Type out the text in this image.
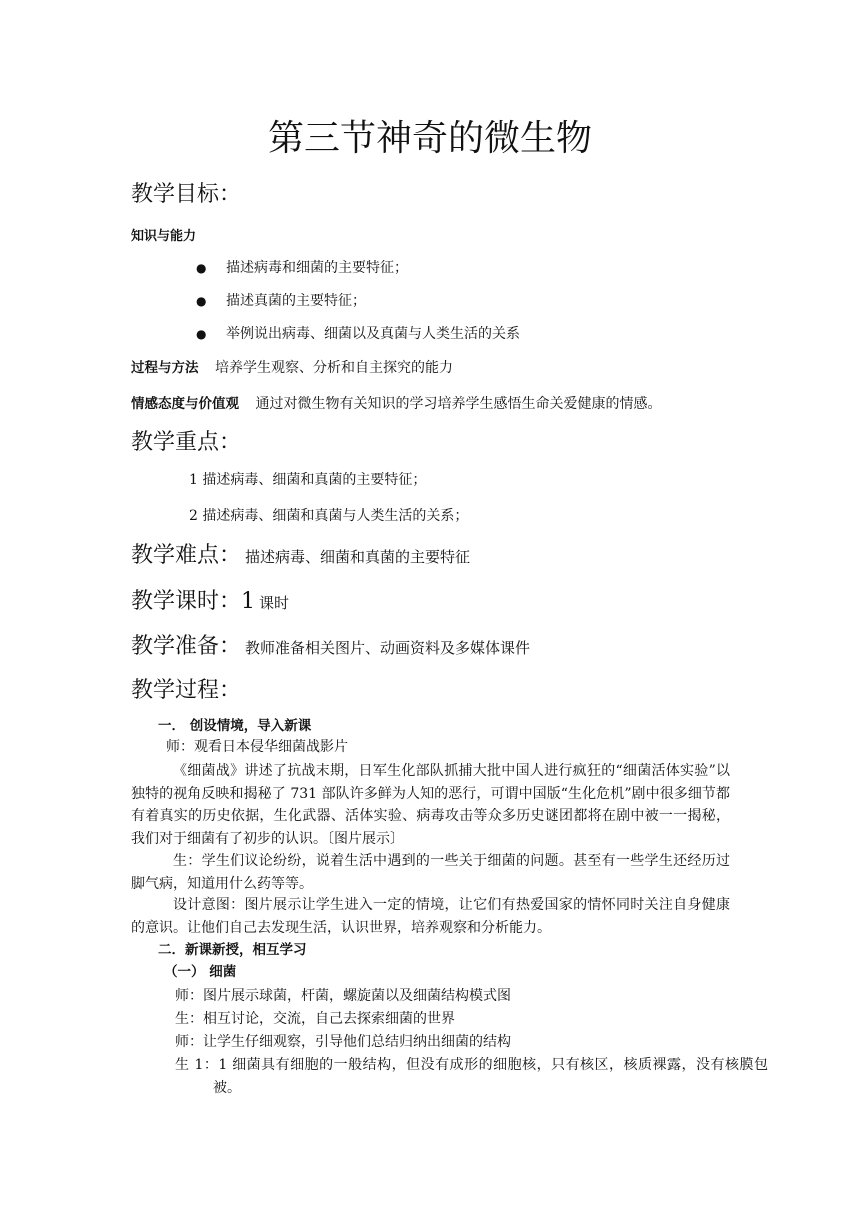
第三节神奇的微生物
教学目标：
知识与能力
● 描述病毒和细菌的主要特征；
● 描述真菌的主要特征；
● 举例说出病毒、细菌以及真菌与人类生活的关系
过程与方法 培养学生观察、分析和自主探究的能力
情感态度与价值观 通过对微生物有关知识的学习培养学生感悟生命关爱健康的情感。
教学重点：
1 描述病毒、细菌和真菌的主要特征；
2 描述病毒、细菌和真菌与人类生活的关系；
教学难点： 描述病毒、细菌和真菌的主要特征
教学课时：1 课时
教学准备： 教师准备相关图片、动画资料及多媒体课件
教学过程：
一． 创设情境，导入新课
师：观看日本侵华细菌战影片
《细菌战》讲述了抗战末期，日军生化部队抓捕大批中国人进行疯狂的“细菌活体实验”以独特的视角反映和揭秘了 731 部队许多鲜为人知的恶行，可谓中国版“生化危机”剧中很多细节都有着真实的历史依据，生化武器、活体实验、病毒攻击等众多历史谜团都将在剧中被一一揭秘，我们对于细菌有了初步的认识。〔图片展示〕
生：学生们议论纷纷，说着生活中遇到的一些关于细菌的问题。甚至有一些学生还经历过脚气病，知道用什么药等等。
设计意图：图片展示让学生进入一定的情境，让它们有热爱国家的情怀同时关注自身健康的意识。让他们自己去发现生活，认识世界，培养观察和分析能力。
二．新课新授，相互学习
（一） 细菌
师：图片展示球菌，杆菌，螺旋菌以及细菌结构模式图
生：相互讨论，交流，自己去探索细菌的世界
师：让学生仔细观察，引导他们总结归纳出细菌的结构
生 1：1 细菌具有细胞的一般结构，但没有成形的细胞核，只有核区，核质裸露，没有核膜包被。
